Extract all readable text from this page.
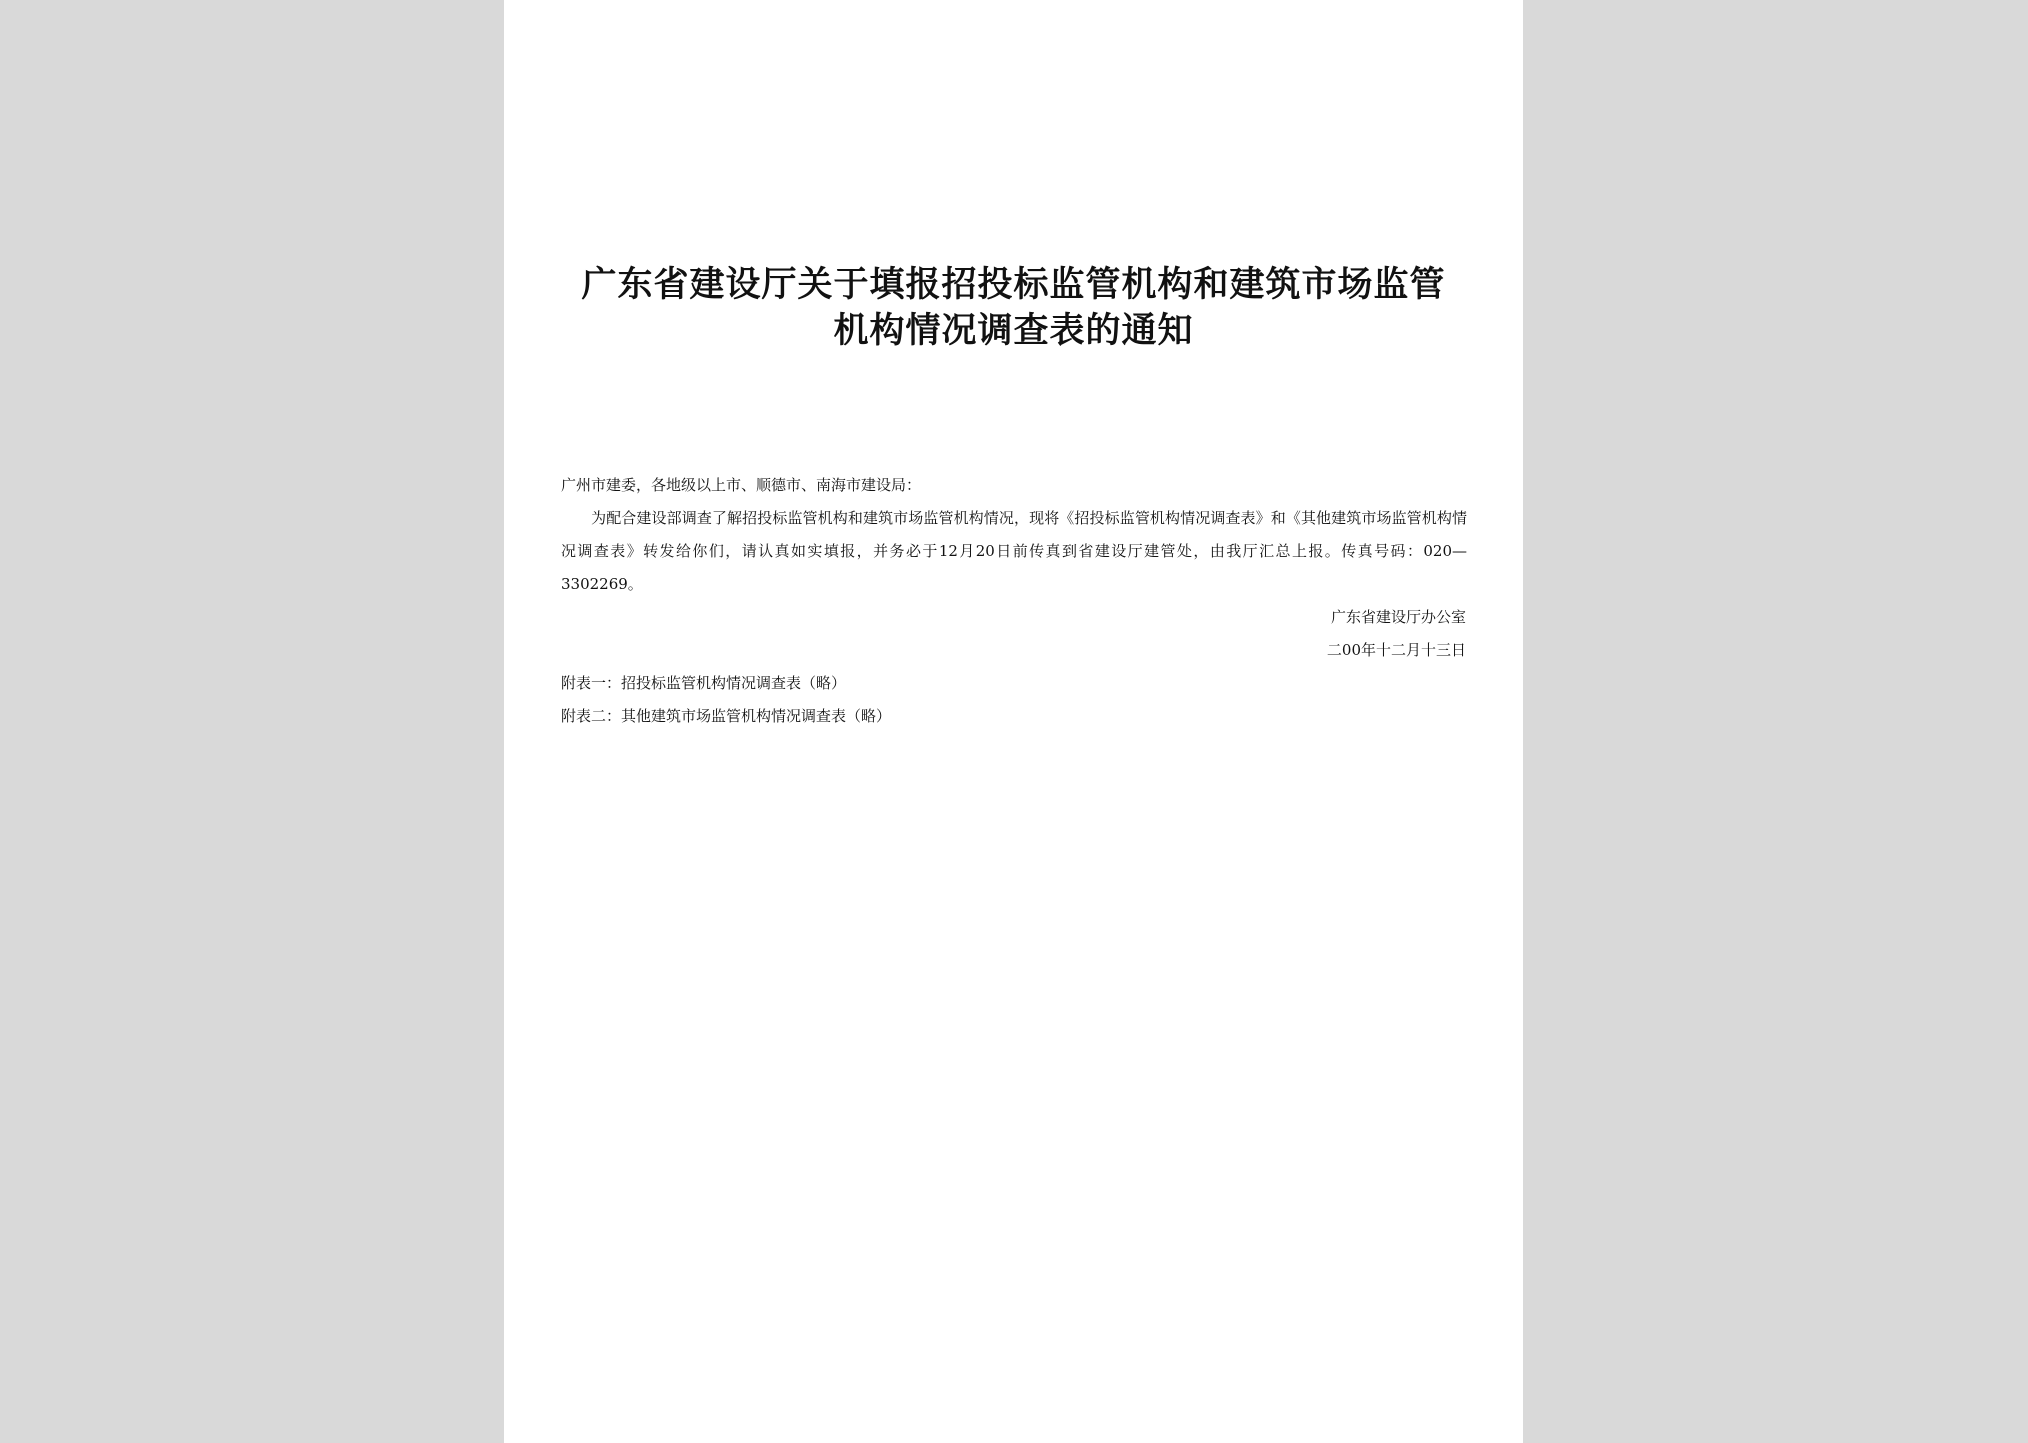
广东省建设厅关于填报招投标监管机构和建筑市场监管
机构情况调查表的通知
广州市建委，各地级以上市、顺德市、南海市建设局：
为配合建设部调查了解招投标监管机构和建筑市场监管机构情况，现将《招投标监管机构情况调查表》和《其他建筑市场监管机构情况调查表》转发给你们，请认真如实填报，并务必于12月20日前传真到省建设厅建管处，由我厅汇总上报。传真号码：020—3302269。
广东省建设厅办公室
二00年十二月十三日
附表一：招投标监管机构情况调查表（略）
附表二：其他建筑市场监管机构情况调查表（略）
